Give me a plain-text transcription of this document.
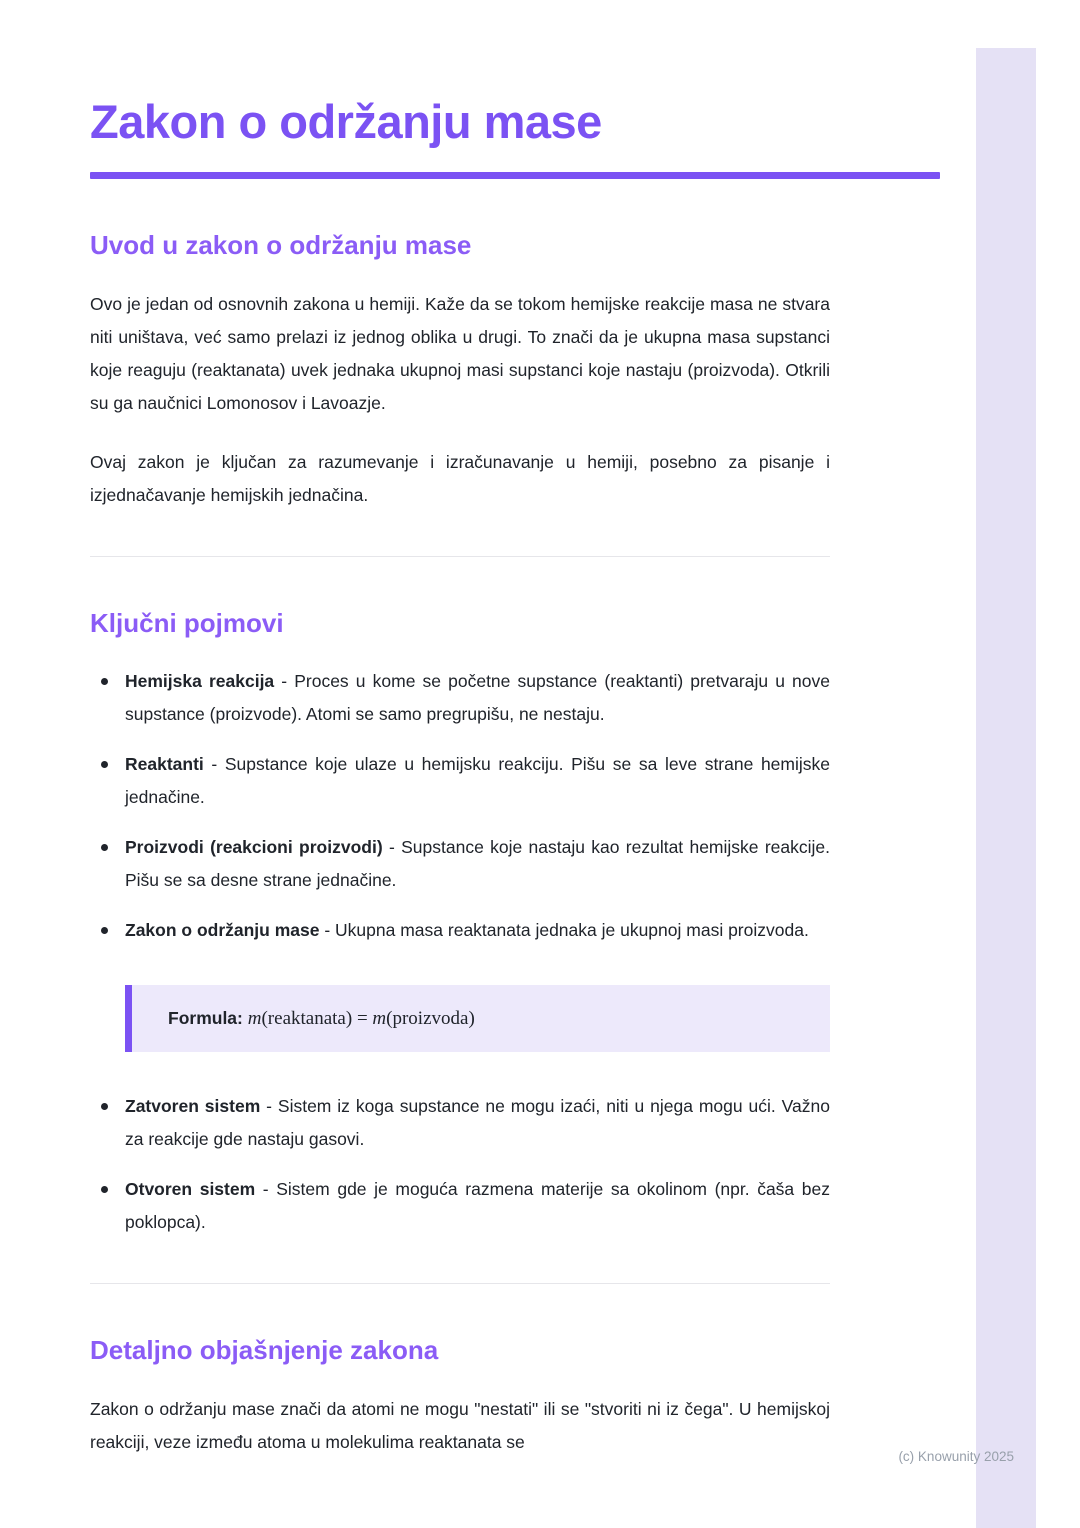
Zakon o održanju mase
Uvod u zakon o održanju mase

Ovo je jedan od osnovnih zakona u hemiji. Kaže da se tokom hemijske reakcije masa ne stvara niti uništava, već samo prelazi iz jednog oblika u drugi. To znači da je ukupna masa supstanci koje reaguju (reaktanata) uvek jednaka ukupnoj masi supstanci koje nastaju (proizvoda). Otkrili su ga naučnici Lomonosov i Lavoazje.

Ovaj zakon je ključan za razumevanje i izračunavanje u hemiji, posebno za pisanje i izjednačavanje hemijskih jednačina.

Ključni pojmovi
Hemijska reakcija - Proces u kome se početne supstance (reaktanti) pretvaraju u nove supstance (proizvode). Atomi se samo pregrupišu, ne nestaju.
Reaktanti - Supstance koje ulaze u hemijsku reakciju. Pišu se sa leve strane hemijske jednačine.
Proizvodi (reakcioni proizvodi) - Supstance koje nastaju kao rezultat hemijske reakcije. Pišu se sa desne strane jednačine.
Zakon o održanju mase - Ukupna masa reaktanata jednaka je ukupnoj masi proizvoda.
Formula: m(reaktanata) = m(proizvoda)
Zatvoren sistem - Sistem iz koga supstance ne mogu izaći, niti u njega mogu ući. Važno za reakcije gde nastaju gasovi.
Otvoren sistem - Sistem gde je moguća razmena materije sa okolinom (npr. čaša bez poklopca).
Detaljno objašnjenje zakona

Zakon o održanju mase znači da atomi ne mogu "nestati" ili se "stvoriti ni iz čega". U hemijskoj reakciji, veze između atoma u molekulima reaktanata se

(c) Knowunity 2025
